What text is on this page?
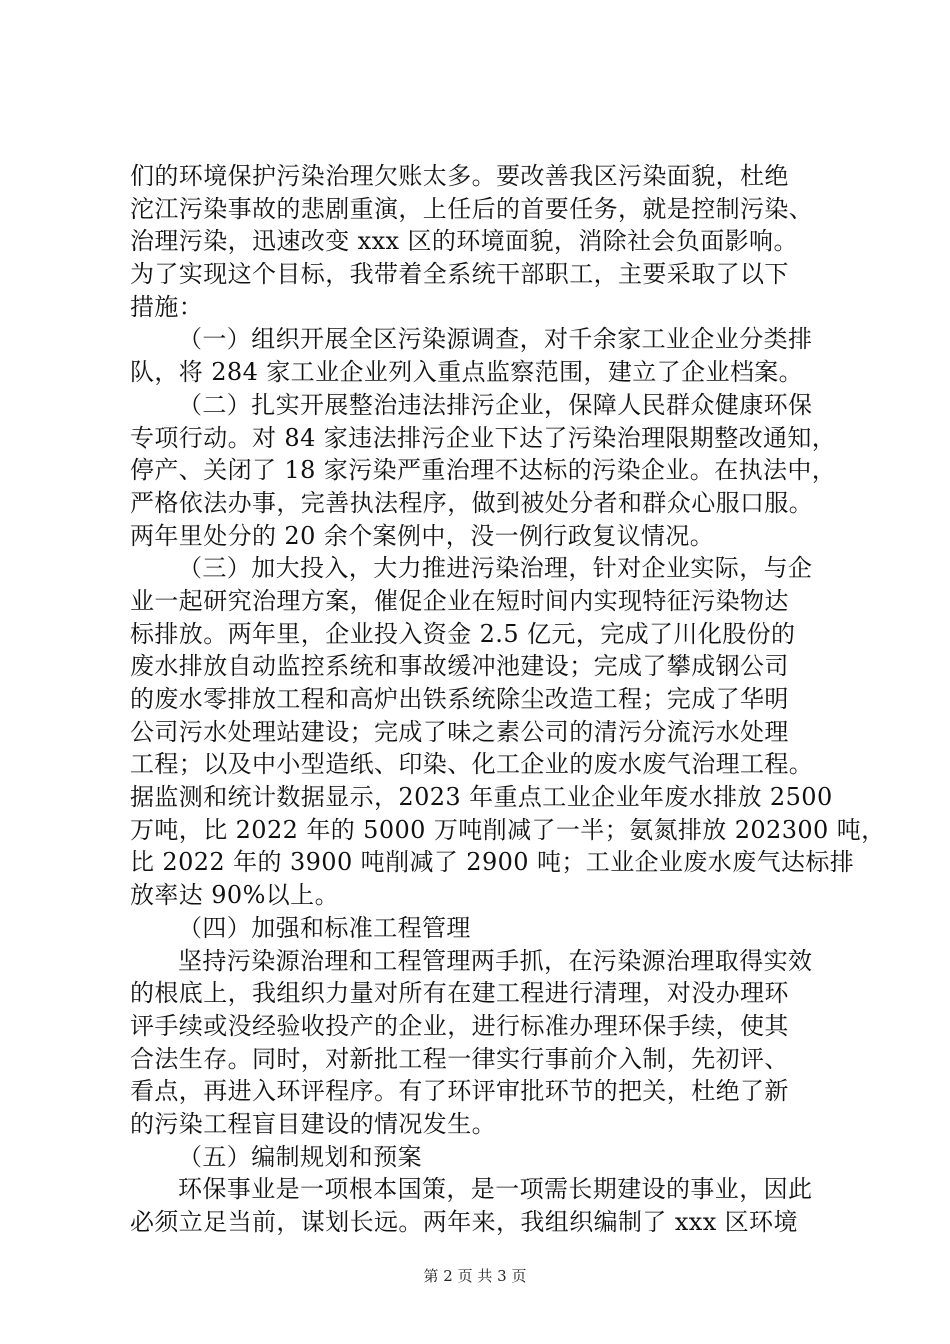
们的环境保护污染治理欠账太多。要改善我区污染面貌，杜绝
沱江污染事故的悲剧重演，上任后的首要任务，就是控制污染、
治理污染，迅速改变 xxx 区的环境面貌，消除社会负面影响。
为了实现这个目标，我带着全系统干部职工，主要采取了以下
措施：
（一）组织开展全区污染源调查，对千余家工业企业分类排
队，将 284 家工业企业列入重点监察范围，建立了企业档案。
（二）扎实开展整治违法排污企业，保障人民群众健康环保
专项行动。对 84 家违法排污企业下达了污染治理限期整改通知，
停产、关闭了 18 家污染严重治理不达标的污染企业。在执法中，
严格依法办事，完善执法程序，做到被处分者和群众心服口服。
两年里处分的 20 余个案例中，没一例行政复议情况。
（三）加大投入，大力推进污染治理，针对企业实际，与企
业一起研究治理方案，催促企业在短时间内实现特征污染物达
标排放。两年里，企业投入资金 2.5 亿元，完成了川化股份的
废水排放自动监控系统和事故缓冲池建设；完成了攀成钢公司
的废水零排放工程和高炉出铁系统除尘改造工程；完成了华明
公司污水处理站建设；完成了味之素公司的清污分流污水处理
工程；以及中小型造纸、印染、化工企业的废水废气治理工程。
据监测和统计数据显示，2023 年重点工业企业年废水排放 2500
万吨，比 2022 年的 5000 万吨削减了一半；氨氮排放 202300 吨，
比 2022 年的 3900 吨削减了 2900 吨；工业企业废水废气达标排
放率达 90%以上。
（四）加强和标准工程管理
坚持污染源治理和工程管理两手抓，在污染源治理取得实效
的根底上，我组织力量对所有在建工程进行清理，对没办理环
评手续或没经验收投产的企业，进行标准办理环保手续，使其
合法生存。同时，对新批工程一律实行事前介入制，先初评、
看点，再进入环评程序。有了环评审批环节的把关，杜绝了新
的污染工程盲目建设的情况发生。
（五）编制规划和预案
环保事业是一项根本国策，是一项需长期建设的事业，因此
必须立足当前，谋划长远。两年来，我组织编制了 xxx 区环境
第 2 页 共 3 页
